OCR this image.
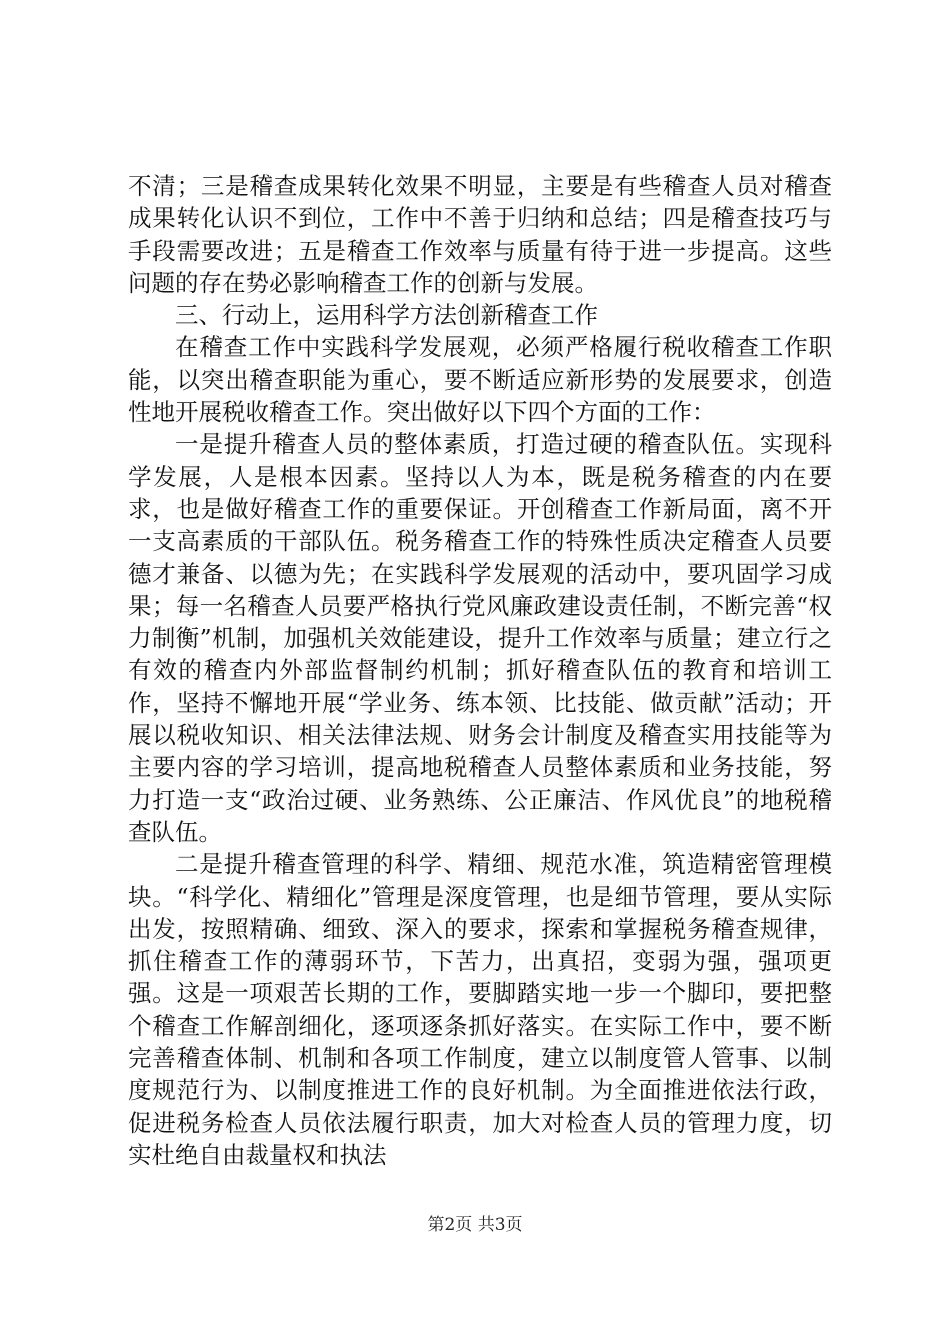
不清；三是稽查成果转化效果不明显，主要是有些稽查人员对稽查成果转化认识不到位，工作中不善于归纳和总结；四是稽查技巧与手段需要改进；五是稽查工作效率与质量有待于进一步提高。这些问题的存在势必影响稽查工作的创新与发展。

三、行动上，运用科学方法创新稽查工作

在稽查工作中实践科学发展观，必须严格履行税收稽查工作职能，以突出稽查职能为重心，要不断适应新形势的发展要求，创造性地开展税收稽查工作。突出做好以下四个方面的工作：

一是提升稽查人员的整体素质，打造过硬的稽查队伍。实现科学发展，人是根本因素。坚持以人为本，既是税务稽查的内在要求，也是做好稽查工作的重要保证。开创稽查工作新局面，离不开一支高素质的干部队伍。税务稽查工作的特殊性质决定稽查人员要德才兼备、以德为先；在实践科学发展观的活动中，要巩固学习成果；每一名稽查人员要严格执行党风廉政建设责任制，不断完善“权力制衡”机制，加强机关效能建设，提升工作效率与质量；建立行之有效的稽查内外部监督制约机制；抓好稽查队伍的教育和培训工作，坚持不懈地开展“学业务、练本领、比技能、做贡献”活动；开展以税收知识、相关法律法规、财务会计制度及稽查实用技能等为主要内容的学习培训，提高地税稽查人员整体素质和业务技能，努力打造一支“政治过硬、业务熟练、公正廉洁、作风优良”的地税稽查队伍。

二是提升稽查管理的科学、精细、规范水准，筑造精密管理模块。“科学化、精细化”管理是深度管理，也是细节管理，要从实际出发，按照精确、细致、深入的要求，探索和掌握税务稽查规律，抓住稽查工作的薄弱环节，下苦力，出真招，变弱为强，强项更强。这是一项艰苦长期的工作，要脚踏实地一步一个脚印，要把整个稽查工作解剖细化，逐项逐条抓好落实。在实际工作中，要不断完善稽查体制、机制和各项工作制度，建立以制度管人管事、以制度规范行为、以制度推进工作的良好机制。为全面推进依法行政，促进税务检查人员依法履行职责，加大对检查人员的管理力度，切实杜绝自由裁量权和执法

第2页 共3页
